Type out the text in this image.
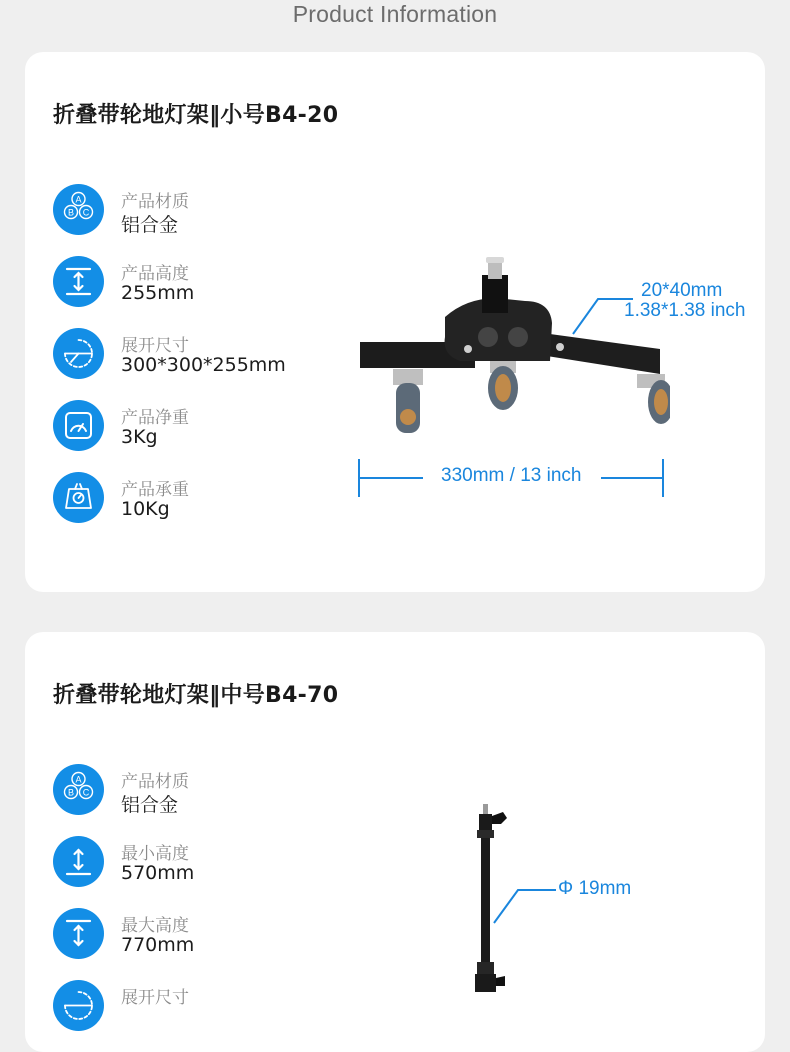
Product Information
折叠带轮地灯架‖小号B4-20
A
B C
产品材质
铝合金
产品高度
255mm
展开尺寸
300*300*255mm
产品净重
3Kg
产品承重
10Kg
20*40mm
1.38*1.38 inch
330mm / 13 inch
折叠带轮地灯架‖中号B4-70
A
B C
产品材质
铝合金
最小高度
570mm
最大高度
770mm
展开尺寸
Φ 19mm
